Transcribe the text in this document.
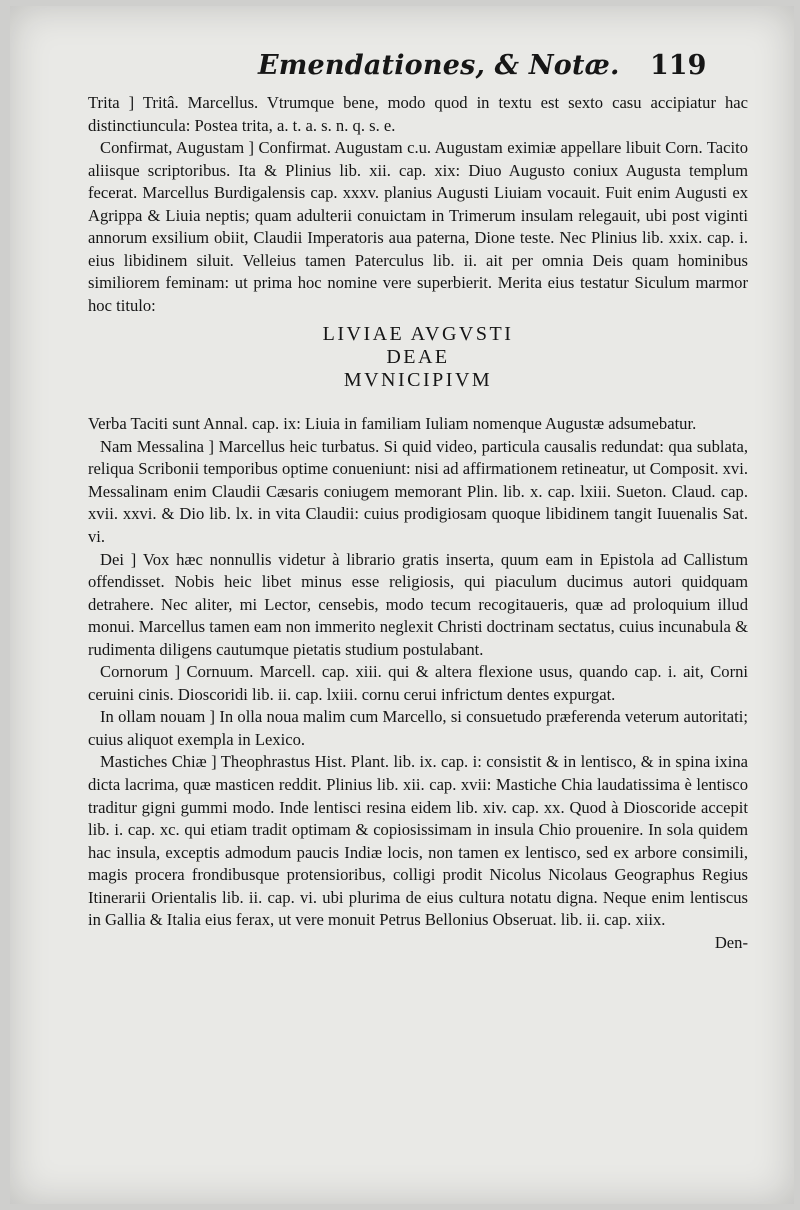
Emendationes, & Notæ. 119

Trita ] Tritâ. Marcellus. Vtrumque bene, modo quod in textu est sexto casu accipiatur hac distinctiuncula: Postea trita, a. t. a. s. n. q. s. e.

Confirmat, Augustam ] Confirmat. Augustam c.u. Augustam eximiæ appellare libuit Corn. Tacito aliisque scriptoribus. Ita & Plinius lib. xii. cap. xix: Diuo Augusto coniux Augusta templum fecerat. Marcellus Burdigalensis cap. xxxv. planius Augusti Liuiam vocauit. Fuit enim Augusti ex Agrippa & Liuia neptis; quam adulterii conuictam in Trimerum insulam relegauit, ubi post viginti annorum exsilium obiit, Claudii Imperatoris aua paterna, Dione teste. Nec Plinius lib. xxix. cap. i. eius libidinem siluit. Velleius tamen Paterculus lib. ii. ait per omnia Deis quam hominibus similiorem feminam: ut prima hoc nomine vere superbierit. Merita eius testatur Siculum marmor hoc titulo:

LIVIAE AVGVSTI

DEAE

MVNICIPIVM

Verba Taciti sunt Annal. cap. ix: Liuia in familiam Iuliam nomenque Augustæ adsumebatur.

Nam Messalina ] Marcellus heic turbatus. Si quid video, particula causalis redundat: qua sublata, reliqua Scribonii temporibus optime conueniunt: nisi ad affirmationem retineatur, ut Composit. xvi. Messalinam enim Claudii Cæsaris coniugem memorant Plin. lib. x. cap. lxiii. Sueton. Claud. cap. xvii. xxvi. & Dio lib. lx. in vita Claudii: cuius prodigiosam quoque libidinem tangit Iuuenalis Sat. vi.

Dei ] Vox hæc nonnullis videtur à librario gratis inserta, quum eam in Epistola ad Callistum offendisset. Nobis heic libet minus esse religiosis, qui piaculum ducimus autori quidquam detrahere. Nec aliter, mi Lector, censebis, modo tecum recogitaueris, quæ ad proloquium illud monui. Marcellus tamen eam non immerito neglexit Christi doctrinam sectatus, cuius incunabula & rudimenta diligens cautumque pietatis studium postulabant.

Cornorum ] Cornuum. Marcell. cap. xiii. qui & altera flexione usus, quando cap. i. ait, Corni ceruini cinis. Dioscoridi lib. ii. cap. lxiii. cornu cerui infrictum dentes expurgat.

In ollam nouam ] In olla noua malim cum Marcello, si consuetudo præferenda veterum autoritati; cuius aliquot exempla in Lexico.

Mastiches Chiæ ] Theophrastus Hist. Plant. lib. ix. cap. i: consistit & in lentisco, & in spina ixina dicta lacrima, quæ masticen reddit. Plinius lib. xii. cap. xvii: Mastiche Chia laudatissima è lentisco traditur gigni gummi modo. Inde lentisci resina eidem lib. xiv. cap. xx. Quod à Dioscoride accepit lib. i. cap. xc. qui etiam tradit optimam & copiosissimam in insula Chio prouenire. In sola quidem hac insula, exceptis admodum paucis Indiæ locis, non tamen ex lentisco, sed ex arbore consimili, magis procera frondibusque protensioribus, colligi prodit Nicolus Nicolaus Geographus Regius Itinerarii Orientalis lib. ii. cap. vi. ubi plurima de eius cultura notatu digna. Neque enim lentiscus in Gallia & Italia eius ferax, ut vere monuit Petrus Bellonius Obseruat. lib. ii. cap. xiix.

Den-
